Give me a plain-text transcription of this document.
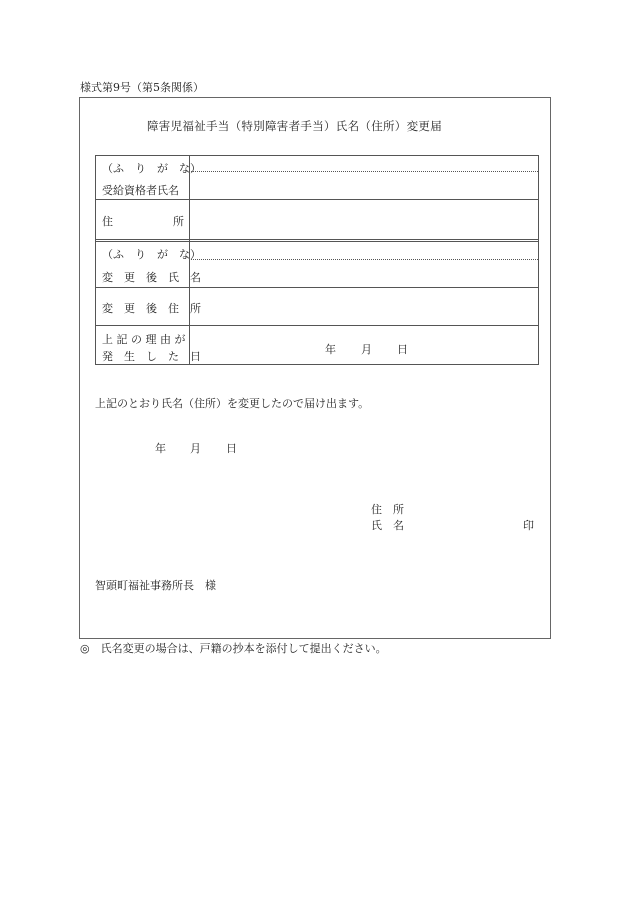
様式第9号（第5条関係）
障害児福祉手当（特別障害者手当）氏名（住所）変更届
（ふ　り　が　な）
受給資格者氏名
住	所
（ふ　り　が　な）
変　更　後　氏　名
変　更　後　住　所
上 記 の 理 由 が
発　生　し　た　日
年 月 日
上記のとおり氏名（住所）を変更したので届け出ます。
年 月 日
住　所
氏　名	印
智頭町福祉事務所長　様
◎　氏名変更の場合は、戸籍の抄本を添付して提出ください。
